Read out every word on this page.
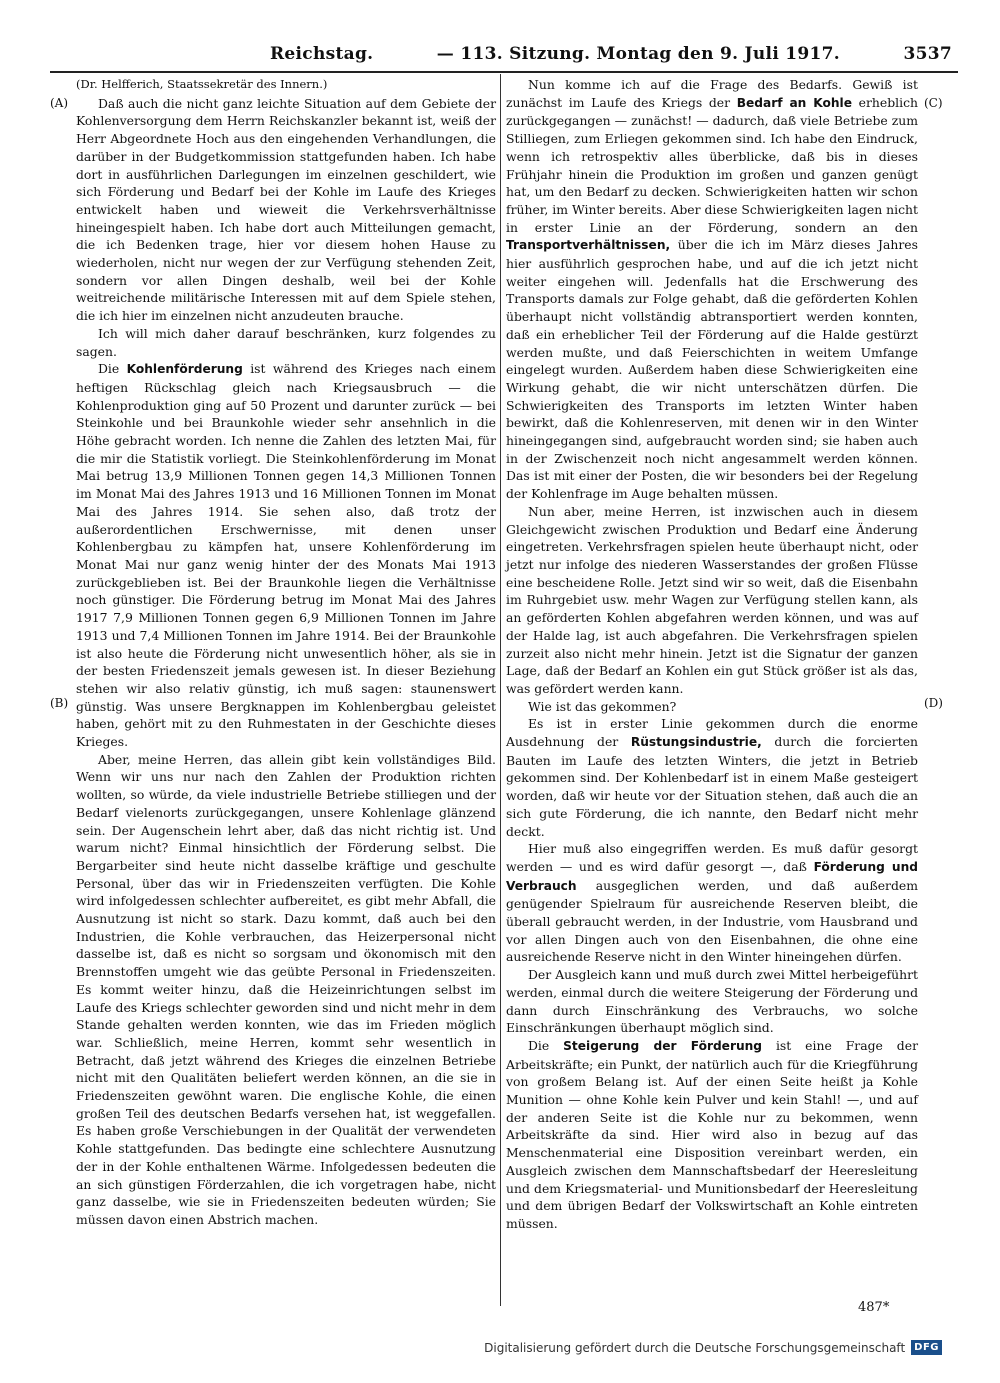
Reichstag.	— 113. Sitzung. Montag den 9. Juli 1917.	3537
(A)
(B)
(C)
(D)

(Dr. Helfferich, Staatssekretär des Innern.)

Daß auch die nicht ganz leichte Situation auf dem Gebiete der Kohlenversorgung dem Herrn Reichskanzler bekannt ist, weiß der Herr Abgeordnete Hoch aus den eingehenden Verhandlungen, die darüber in der Budgetkommission stattgefunden haben. Ich habe dort in ausführlichen Darlegungen im einzelnen geschildert, wie sich Förderung und Bedarf bei der Kohle im Laufe des Krieges entwickelt haben und wieweit die Verkehrsverhältnisse hineingespielt haben. Ich habe dort auch Mitteilungen gemacht, die ich Bedenken trage, hier vor diesem hohen Hause zu wiederholen, nicht nur wegen der zur Verfügung stehenden Zeit, sondern vor allen Dingen deshalb, weil bei der Kohle weitreichende militärische Interessen mit auf dem Spiele stehen, die ich hier im einzelnen nicht anzudeuten brauche.

Ich will mich daher darauf beschränken, kurz folgendes zu sagen.

Die Kohlenförderung ist während des Krieges nach einem heftigen Rückschlag gleich nach Kriegsausbruch — die Kohlenproduktion ging auf 50 Prozent und darunter zurück — bei Steinkohle und bei Braunkohle wieder sehr ansehnlich in die Höhe gebracht worden. Ich nenne die Zahlen des letzten Mai, für die mir die Statistik vorliegt. Die Steinkohlenförderung im Monat Mai betrug 13,9 Millionen Tonnen gegen 14,3 Millionen Tonnen im Monat Mai des Jahres 1913 und 16 Millionen Tonnen im Monat Mai des Jahres 1914. Sie sehen also, daß trotz der außerordentlichen Erschwernisse, mit denen unser Kohlenbergbau zu kämpfen hat, unsere Kohlenförderung im Monat Mai nur ganz wenig hinter der des Monats Mai 1913 zurückgeblieben ist. Bei der Braunkohle liegen die Verhältnisse noch günstiger. Die Förderung betrug im Monat Mai des Jahres 1917 7,9 Millionen Tonnen gegen 6,9 Millionen Tonnen im Jahre 1913 und 7,4 Millionen Tonnen im Jahre 1914. Bei der Braunkohle ist also heute die Förderung nicht unwesentlich höher, als sie in der besten Friedenszeit jemals gewesen ist. In dieser Beziehung stehen wir also relativ günstig, ich muß sagen: staunenswert günstig. Was unsere Bergknappen im Kohlenbergbau geleistet haben, gehört mit zu den Ruhmestaten in der Geschichte dieses Krieges.

Aber, meine Herren, das allein gibt kein vollständiges Bild. Wenn wir uns nur nach den Zahlen der Produktion richten wollten, so würde, da viele industrielle Betriebe stilliegen und der Bedarf vielenorts zurückgegangen, unsere Kohlenlage glänzend sein. Der Augenschein lehrt aber, daß das nicht richtig ist. Und warum nicht? Einmal hinsichtlich der Förderung selbst. Die Bergarbeiter sind heute nicht dasselbe kräftige und geschulte Personal, über das wir in Friedenszeiten verfügten. Die Kohle wird infolgedessen schlechter aufbereitet, es gibt mehr Abfall, die Ausnutzung ist nicht so stark. Dazu kommt, daß auch bei den Industrien, die Kohle verbrauchen, das Heizerpersonal nicht dasselbe ist, daß es nicht so sorgsam und ökonomisch mit den Brennstoffen umgeht wie das geübte Personal in Friedenszeiten. Es kommt weiter hinzu, daß die Heizeinrichtungen selbst im Laufe des Kriegs schlechter geworden sind und nicht mehr in dem Stande gehalten werden konnten, wie das im Frieden möglich war. Schließlich, meine Herren, kommt sehr wesentlich in Betracht, daß jetzt während des Krieges die einzelnen Betriebe nicht mit den Qualitäten beliefert werden können, an die sie in Friedenszeiten gewöhnt waren. Die englische Kohle, die einen großen Teil des deutschen Bedarfs versehen hat, ist weggefallen. Es haben große Verschiebungen in der Qualität der verwendeten Kohle stattgefunden. Das bedingte eine schlechtere Ausnutzung der in der Kohle enthaltenen Wärme. Infolgedessen bedeuten die an sich günstigen Förderzahlen, die ich vorgetragen habe, nicht ganz dasselbe, wie sie in Friedenszeiten bedeuten würden; Sie müssen davon einen Abstrich machen.

Nun komme ich auf die Frage des Bedarfs. Gewiß ist zunächst im Laufe des Kriegs der Bedarf an Kohle erheblich zurückgegangen — zunächst! — dadurch, daß viele Betriebe zum Stilliegen, zum Erliegen gekommen sind. Ich habe den Eindruck, wenn ich retrospektiv alles überblicke, daß bis in dieses Frühjahr hinein die Produktion im großen und ganzen genügt hat, um den Bedarf zu decken. Schwierigkeiten hatten wir schon früher, im Winter bereits. Aber diese Schwierigkeiten lagen nicht in erster Linie an der Förderung, sondern an den Transportverhältnissen, über die ich im März dieses Jahres hier ausführlich gesprochen habe, und auf die ich jetzt nicht weiter eingehen will. Jedenfalls hat die Erschwerung des Transports damals zur Folge gehabt, daß die geförderten Kohlen überhaupt nicht vollständig abtransportiert werden konnten, daß ein erheblicher Teil der Förderung auf die Halde gestürzt werden mußte, und daß Feierschichten in weitem Umfange eingelegt wurden. Außerdem haben diese Schwierigkeiten eine Wirkung gehabt, die wir nicht unterschätzen dürfen. Die Schwierigkeiten des Transports im letzten Winter haben bewirkt, daß die Kohlenreserven, mit denen wir in den Winter hineingegangen sind, aufgebraucht worden sind; sie haben auch in der Zwischenzeit noch nicht angesammelt werden können. Das ist mit einer der Posten, die wir besonders bei der Regelung der Kohlenfrage im Auge behalten müssen.

Nun aber, meine Herren, ist inzwischen auch in diesem Gleichgewicht zwischen Produktion und Bedarf eine Änderung eingetreten. Verkehrsfragen spielen heute überhaupt nicht, oder jetzt nur infolge des niederen Wasserstandes der großen Flüsse eine bescheidene Rolle. Jetzt sind wir so weit, daß die Eisenbahn im Ruhrgebiet usw. mehr Wagen zur Verfügung stellen kann, als an geförderten Kohlen abgefahren werden können, und was auf der Halde lag, ist auch abgefahren. Die Verkehrsfragen spielen zurzeit also nicht mehr hinein. Jetzt ist die Signatur der ganzen Lage, daß der Bedarf an Kohlen ein gut Stück größer ist als das, was gefördert werden kann.

Wie ist das gekommen?

Es ist in erster Linie gekommen durch die enorme Ausdehnung der Rüstungsindustrie, durch die forcierten Bauten im Laufe des letzten Winters, die jetzt in Betrieb gekommen sind. Der Kohlenbedarf ist in einem Maße gesteigert worden, daß wir heute vor der Situation stehen, daß auch die an sich gute Förderung, die ich nannte, den Bedarf nicht mehr deckt.

Hier muß also eingegriffen werden. Es muß dafür gesorgt werden — und es wird dafür gesorgt —, daß Förderung und Verbrauch ausgeglichen werden, und daß außerdem genügender Spielraum für ausreichende Reserven bleibt, die überall gebraucht werden, in der Industrie, vom Hausbrand und vor allen Dingen auch von den Eisenbahnen, die ohne eine ausreichende Reserve nicht in den Winter hineingehen dürfen.

Der Ausgleich kann und muß durch zwei Mittel herbeigeführt werden, einmal durch die weitere Steigerung der Förderung und dann durch Einschränkung des Verbrauchs, wo solche Einschränkungen überhaupt möglich sind.

Die Steigerung der Förderung ist eine Frage der Arbeitskräfte; ein Punkt, der natürlich auch für die Kriegführung von großem Belang ist. Auf der einen Seite heißt ja Kohle Munition — ohne Kohle kein Pulver und kein Stahl! —, und auf der anderen Seite ist die Kohle nur zu bekommen, wenn Arbeitskräfte da sind. Hier wird also in bezug auf das Menschenmaterial eine Disposition vereinbart werden, ein Ausgleich zwischen dem Mannschaftsbedarf der Heeresleitung und dem Kriegsmaterial- und Munitionsbedarf der Heeresleitung und dem übrigen Bedarf der Volkswirtschaft an Kohle eintreten müssen.

487*
Digitalisierung gefördert durch die Deutsche Forschungsgemeinschaft DFG
